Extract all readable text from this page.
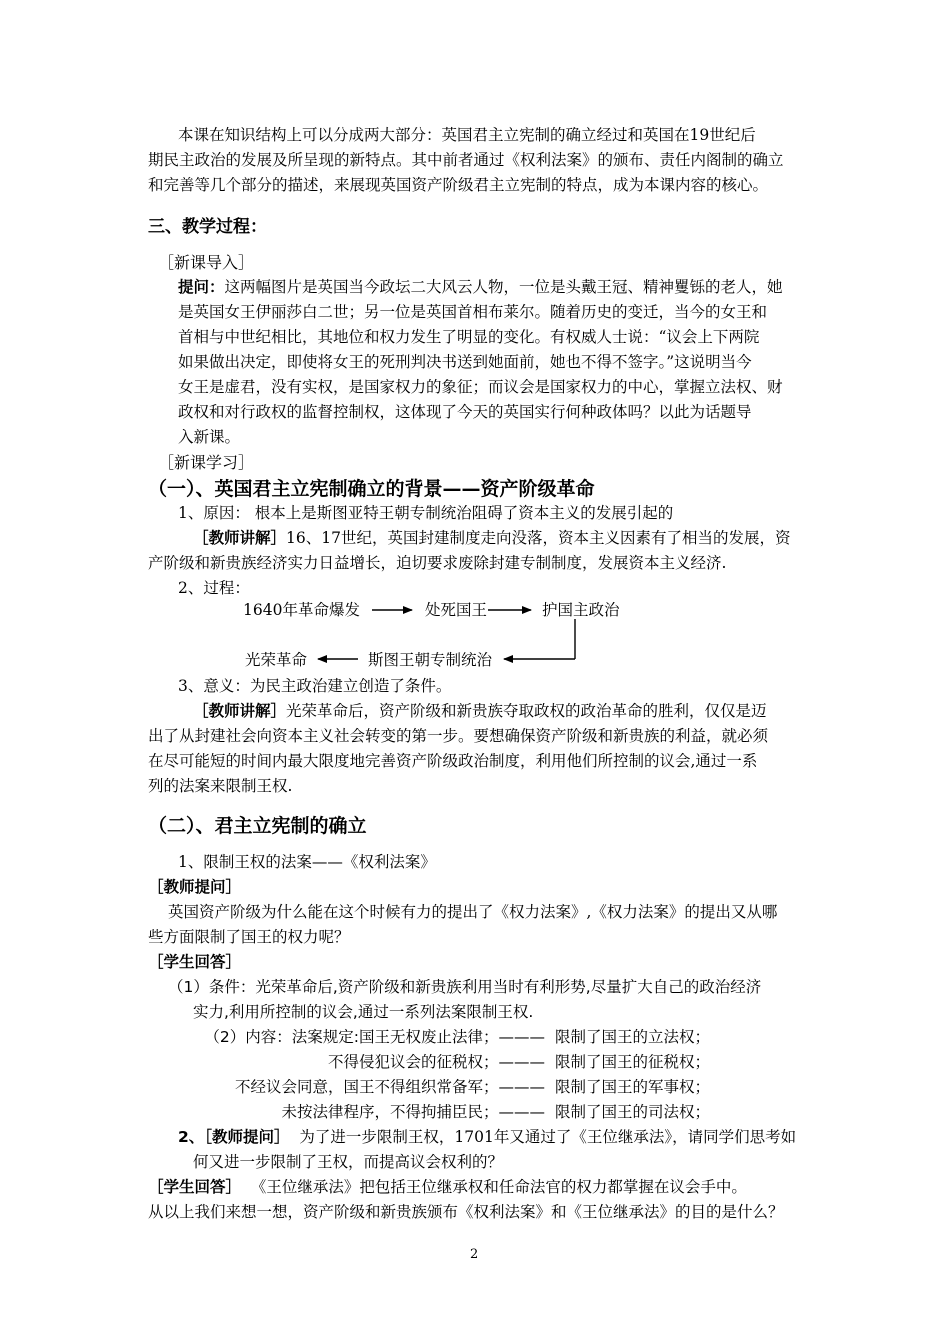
本课在知识结构上可以分成两大部分：英国君主立宪制的确立经过和英国在19世纪后
期民主政治的发展及所呈现的新特点。其中前者通过《权利法案》的颁布、责任内阁制的确立
和完善等几个部分的描述，来展现英国资产阶级君主立宪制的特点，成为本课内容的核心。
三、教学过程：
［新课导入］
提问：这两幅图片是英国当今政坛二大风云人物，一位是头戴王冠、精神矍铄的老人，她
是英国女王伊丽莎白二世；另一位是英国首相布莱尔。随着历史的变迁，当今的女王和
首相与中世纪相比，其地位和权力发生了明显的变化。有权威人士说：“议会上下两院
如果做出决定，即使将女王的死刑判决书送到她面前，她也不得不签字。”这说明当今
女王是虚君，没有实权，是国家权力的象征；而议会是国家权力的中心，掌握立法权、财
政权和对行政权的监督控制权，这体现了今天的英国实行何种政体吗？以此为话题导
入新课。
［新课学习］
（一）、英国君主立宪制确立的背景——资产阶级革命
1、原因： 根本上是斯图亚特王朝专制统治阻碍了资本主义的发展引起的
［教师讲解］16、17世纪，英国封建制度走向没落，资本主义因素有了相当的发展，资
产阶级和新贵族经济实力日益增长，迫切要求废除封建专制制度，发展资本主义经济.
2、过程：
1640年革命爆发	处死国王	护国主政治
斯图王朝专制统治
光荣革命
3、意义：为民主政治建立创造了条件。
［教师讲解］光荣革命后，资产阶级和新贵族夺取政权的政治革命的胜利，仅仅是迈
出了从封建社会向资本主义社会转变的第一步。要想确保资产阶级和新贵族的利益，就必须
在尽可能短的时间内最大限度地完善资产阶级政治制度，利用他们所控制的议会,通过一系
列的法案来限制王权.
（二）、君主立宪制的确立
1、限制王权的法案——《权利法案》
［教师提问］
英国资产阶级为什么能在这个时候有力的提出了《权力法案》,《权力法案》的提出又从哪
些方面限制了国王的权力呢？
［学生回答］
（1）条件：光荣革命后,资产阶级和新贵族利用当时有利形势,尽量扩大自己的政治经济
实力,利用所控制的议会,通过一系列法案限制王权.
（2）内容：法案规定:国王无权废止法律；——— 限制了国王的立法权；
不得侵犯议会的征税权；——— 限制了国王的征税权；
不经议会同意，国王不得组织常备军；——— 限制了国王的军事权；
未按法律程序，不得拘捕臣民；——— 限制了国王的司法权；
2、［教师提问］ 为了进一步限制王权，1701年又通过了《王位继承法》，请同学们思考如
何又进一步限制了王权，而提高议会权利的？
［学生回答］ 《王位继承法》把包括王位继承权和任命法官的权力都掌握在议会手中。
从以上我们来想一想，资产阶级和新贵族颁布《权利法案》和《王位继承法》的目的是什么？
2
